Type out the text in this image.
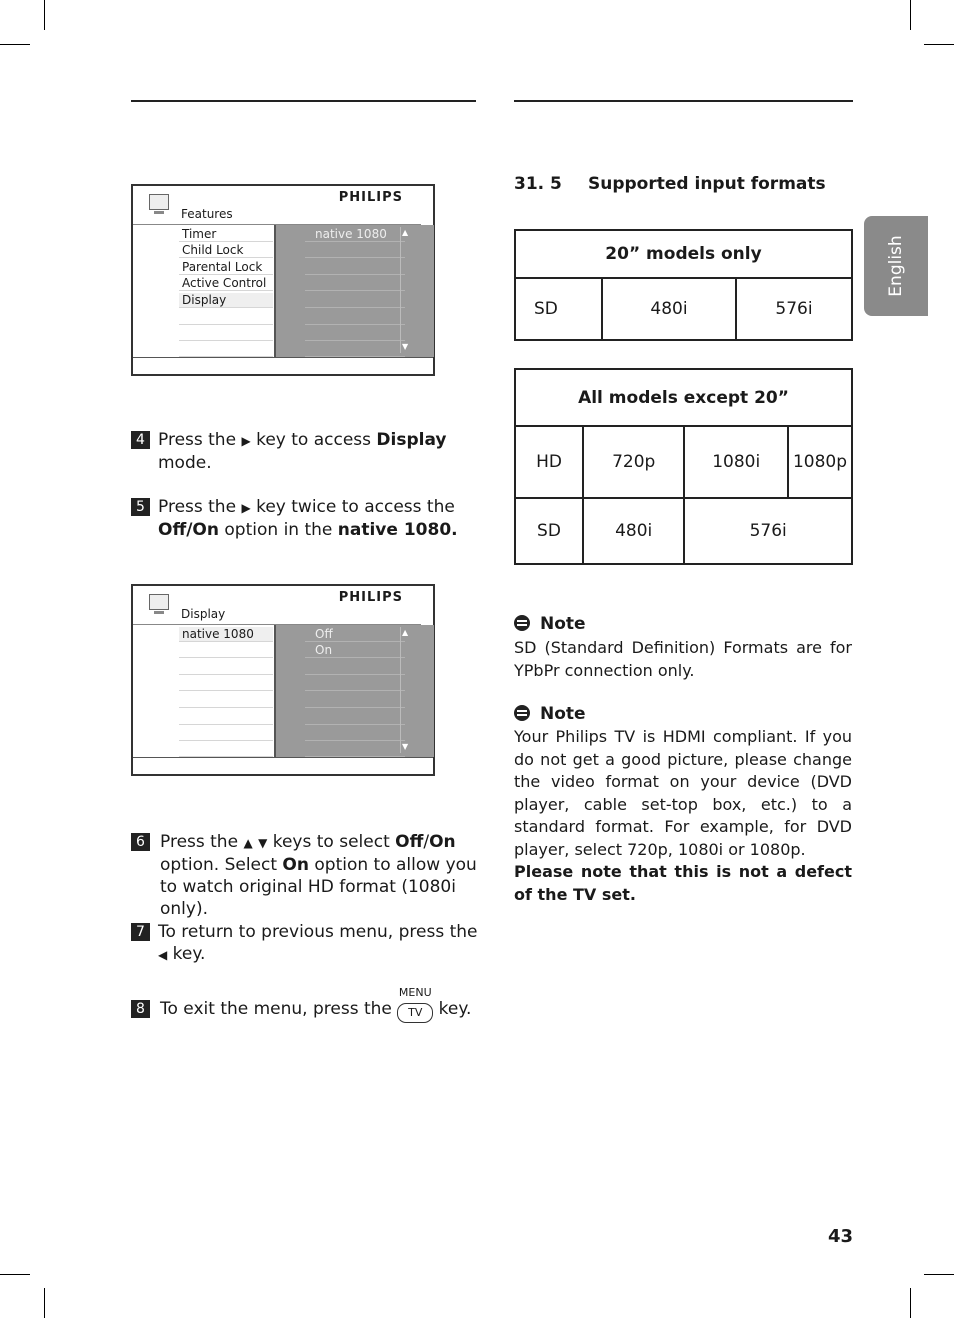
English
PHILIPS
Features
Timer
Child Lock
Parental Lock
Active Control
Display
native 1080	▲
▼
4 Press the ▶ key to access Display
mode.
5 Press the ▶ key twice to access the
Off/On option in the native 1080.
PHILIPS
Display
native 1080	Off
On
▲
▼
6 Press the ▲ ▼ keys to select Off/On
option. Select On option to allow you to watch original HD format (1080i only).
7 To return to previous menu, press the
◀ key.
8 To exit the menu, press the
MENU
TV key.
31. 5 Supported input formats
20” models only
SD	480i	576i
All models except 20”			
HD	720p	1080i	1080p
SD	480i	576i	
Note
SD (Standard Definition) Formats are for YPbPr connection only.
Note
Your Philips TV is HDMI compliant. If you do not get a good picture, please change the video format on your device (DVD player, cable set-top box, etc.) to a standard format. For example, for DVD player, select 720p, 1080i or 1080p.
Please note that this is not a defect of the TV set.
43
